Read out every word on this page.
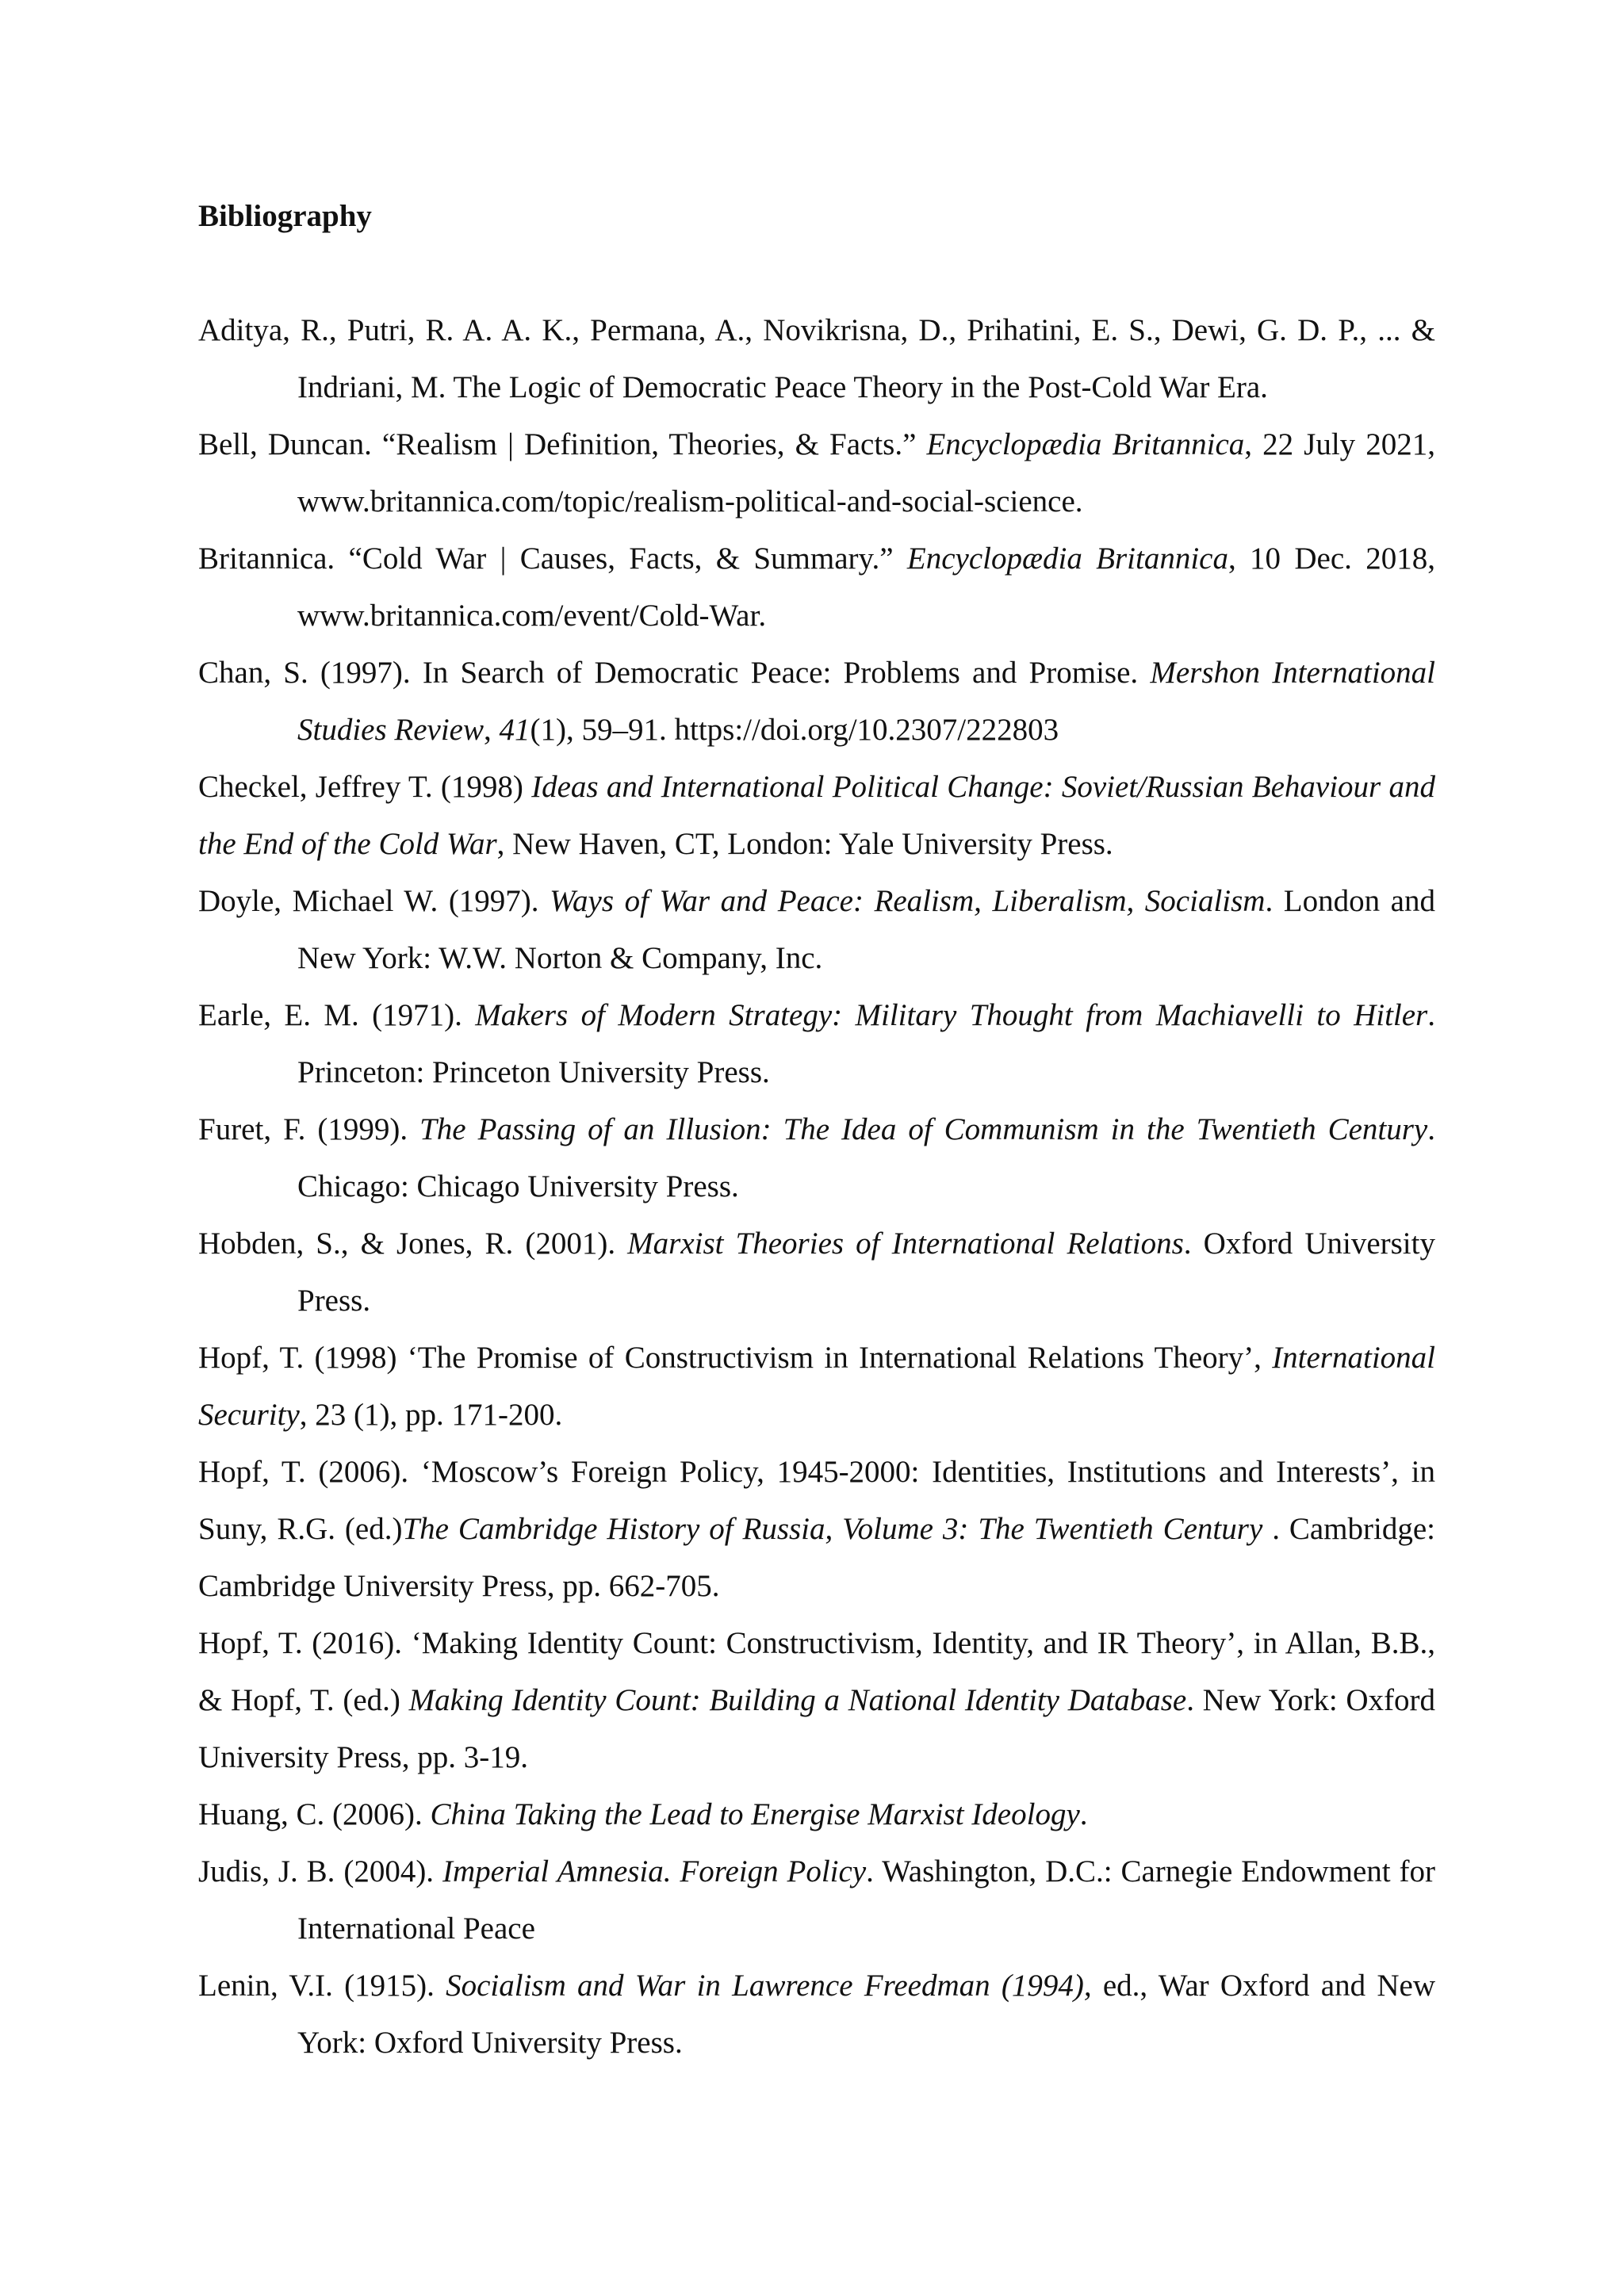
Bibliography

Aditya, R., Putri, R. A. A. K., Permana, A., Novikrisna, D., Prihatini, E. S., Dewi, G. D. P., ... & Indriani, M. The Logic of Democratic Peace Theory in the Post-Cold War Era.

Bell, Duncan. “Realism | Definition, Theories, & Facts.” Encyclopædia Britannica, 22 July 2021, www.britannica.com/topic/realism-political-and-social-science.

Britannica. “Cold War | Causes, Facts, & Summary.” Encyclopædia Britannica, 10 Dec. 2018, www.britannica.com/event/Cold-War.

Chan, S. (1997). In Search of Democratic Peace: Problems and Promise. Mershon International Studies Review, 41(1), 59–91. https://doi.org/10.2307/222803

Checkel, Jeffrey T. (1998) Ideas and International Political Change: Soviet/Russian Behaviour and the End of the Cold War, New Haven, CT, London: Yale University Press.

Doyle, Michael W. (1997). Ways of War and Peace: Realism, Liberalism, Socialism. London and New York: W.W. Norton & Company, Inc.

Earle, E. M. (1971). Makers of Modern Strategy: Military Thought from Machiavelli to Hitler. Princeton: Princeton University Press.

Furet, F. (1999). The Passing of an Illusion: The Idea of Communism in the Twentieth Century. Chicago: Chicago University Press.

Hobden, S., & Jones, R. (2001). Marxist Theories of International Relations. Oxford University Press.

Hopf, T. (1998) ‘The Promise of Constructivism in International Relations Theory’, International Security, 23 (1), pp. 171-200.

Hopf, T. (2006). ‘Moscow’s Foreign Policy, 1945-2000: Identities, Institutions and Interests’, in Suny, R.G. (ed.)The Cambridge History of Russia, Volume 3: The Twentieth Century . Cambridge: Cambridge University Press, pp. 662-705.

Hopf, T. (2016). ‘Making Identity Count: Constructivism, Identity, and IR Theory’, in Allan, B.B., & Hopf, T. (ed.) Making Identity Count: Building a National Identity Database. New York: Oxford University Press, pp. 3-19.

Huang, C. (2006). China Taking the Lead to Energise Marxist Ideology.

Judis, J. B. (2004). Imperial Amnesia. Foreign Policy. Washington, D.C.: Carnegie Endowment for International Peace

Lenin, V.I. (1915). Socialism and War in Lawrence Freedman (1994), ed., War Oxford and New York: Oxford University Press.
